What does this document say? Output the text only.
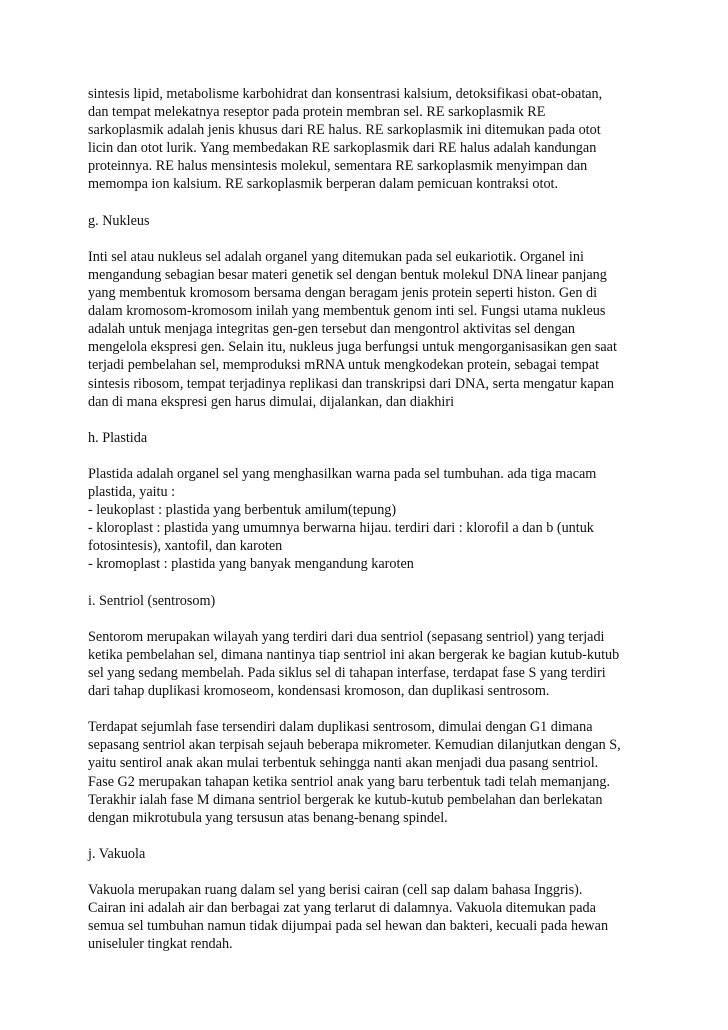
sintesis lipid, metabolisme karbohidrat dan konsentrasi kalsium, detoksifikasi obat-obatan,
dan tempat melekatnya reseptor pada protein membran sel. RE sarkoplasmik RE
sarkoplasmik adalah jenis khusus dari RE halus. RE sarkoplasmik ini ditemukan pada otot
licin dan otot lurik. Yang membedakan RE sarkoplasmik dari RE halus adalah kandungan
proteinnya. RE halus mensintesis molekul, sementara RE sarkoplasmik menyimpan dan
memompa ion kalsium. RE sarkoplasmik berperan dalam pemicuan kontraksi otot.
g. Nukleus
Inti sel atau nukleus sel adalah organel yang ditemukan pada sel eukariotik. Organel ini
mengandung sebagian besar materi genetik sel dengan bentuk molekul DNA linear panjang
yang membentuk kromosom bersama dengan beragam jenis protein seperti histon. Gen di
dalam kromosom-kromosom inilah yang membentuk genom inti sel. Fungsi utama nukleus
adalah untuk menjaga integritas gen-gen tersebut dan mengontrol aktivitas sel dengan
mengelola ekspresi gen. Selain itu, nukleus juga berfungsi untuk mengorganisasikan gen saat
terjadi pembelahan sel, memproduksi mRNA untuk mengkodekan protein, sebagai tempat
sintesis ribosom, tempat terjadinya replikasi dan transkripsi dari DNA, serta mengatur kapan
dan di mana ekspresi gen harus dimulai, dijalankan, dan diakhiri
h. Plastida
Plastida adalah organel sel yang menghasilkan warna pada sel tumbuhan. ada tiga macam
plastida, yaitu :
- leukoplast : plastida yang berbentuk amilum(tepung)
- kloroplast : plastida yang umumnya berwarna hijau. terdiri dari : klorofil a dan b (untuk
fotosintesis), xantofil, dan karoten
- kromoplast : plastida yang banyak mengandung karoten
i. Sentriol (sentrosom)
Sentorom merupakan wilayah yang terdiri dari dua sentriol (sepasang sentriol) yang terjadi
ketika pembelahan sel, dimana nantinya tiap sentriol ini akan bergerak ke bagian kutub-kutub
sel yang sedang membelah. Pada siklus sel di tahapan interfase, terdapat fase S yang terdiri
dari tahap duplikasi kromoseom, kondensasi kromoson, dan duplikasi sentrosom.
Terdapat sejumlah fase tersendiri dalam duplikasi sentrosom, dimulai dengan G1 dimana
sepasang sentriol akan terpisah sejauh beberapa mikrometer. Kemudian dilanjutkan dengan S,
yaitu sentirol anak akan mulai terbentuk sehingga nanti akan menjadi dua pasang sentriol.
Fase G2 merupakan tahapan ketika sentriol anak yang baru terbentuk tadi telah memanjang.
Terakhir ialah fase M dimana sentriol bergerak ke kutub-kutub pembelahan dan berlekatan
dengan mikrotubula yang tersusun atas benang-benang spindel.
j. Vakuola
Vakuola merupakan ruang dalam sel yang berisi cairan (cell sap dalam bahasa Inggris).
Cairan ini adalah air dan berbagai zat yang terlarut di dalamnya. Vakuola ditemukan pada
semua sel tumbuhan namun tidak dijumpai pada sel hewan dan bakteri, kecuali pada hewan
uniseluler tingkat rendah.
